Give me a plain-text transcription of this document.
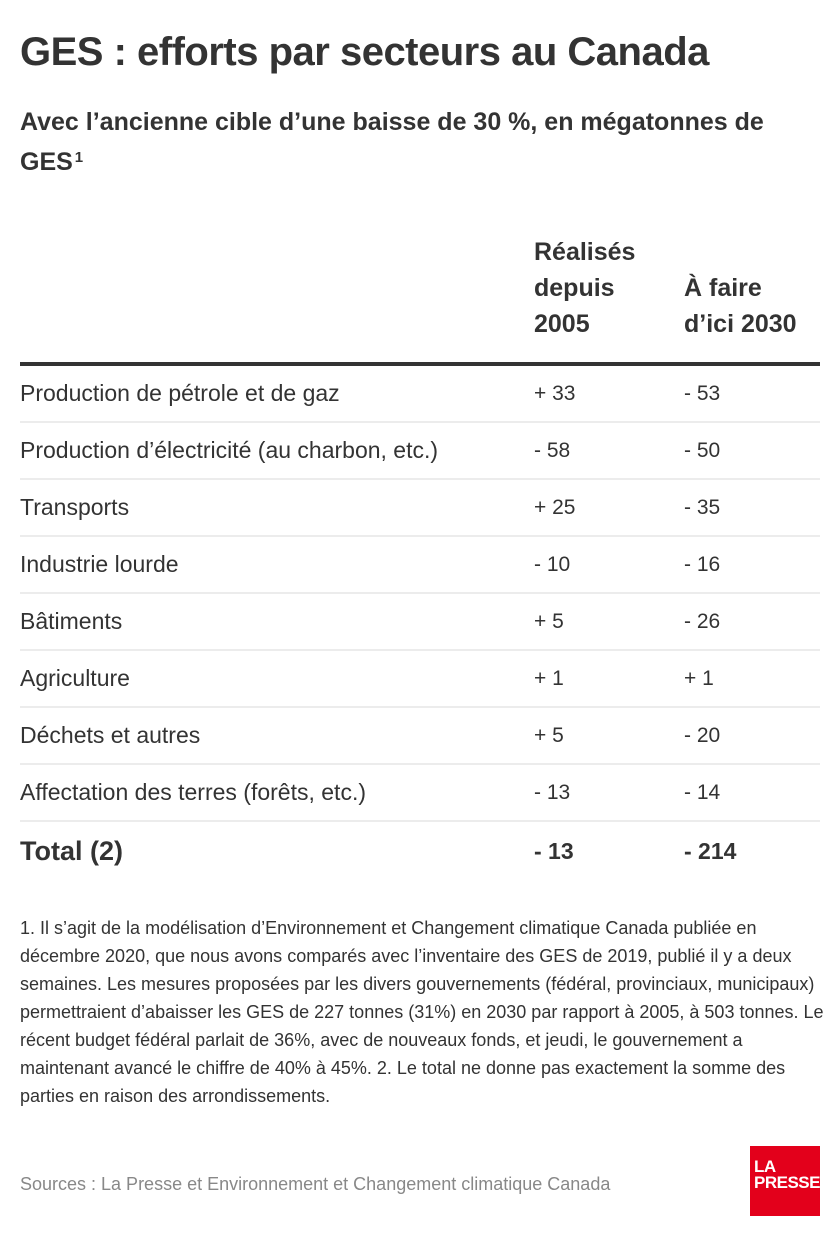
GES : efforts par secteurs au Canada
Avec l’ancienne cible d’une baisse de 30 %, en mégatonnes de GES $^1$
Réalisés
depuis
2005
À faire
d’ici 2030
Production de pétrole et de gaz	+ 33	- 53
Production d’électricité (au charbon, etc.)	- 58	- 50
Transports	+ 25	- 35
Industrie lourde	- 10	- 16
Bâtiments	+ 5	- 26
Agriculture	+ 1	+ 1
Déchets et autres	+ 5	- 20
Affectation des terres (forêts, etc.)	- 13	- 14
Total (2)	- 13	- 214

1. Il s’agit de la modélisation d’Environnement et Changement climatique Canada publiée en décembre 2020, que nous avons comparés avec l’inventaire des GES de 2019, publié il y a deux semaines. Les mesures proposées par les divers gouvernements (fédéral, provinciaux, municipaux) permettraient d’abaisser les GES de 227 tonnes (31%) en 2030 par rapport à 2005, à 503 tonnes. Le récent budget fédéral parlait de 36%, avec de nouveaux fonds, et jeudi, le gouvernement a maintenant avancé le chiffre de 40% à 45%. 2. Le total ne donne pas exactement la somme des parties en raison des arrondissements.

Sources : La Presse et Environnement et Changement climatique Canada
LA
PRESSE
